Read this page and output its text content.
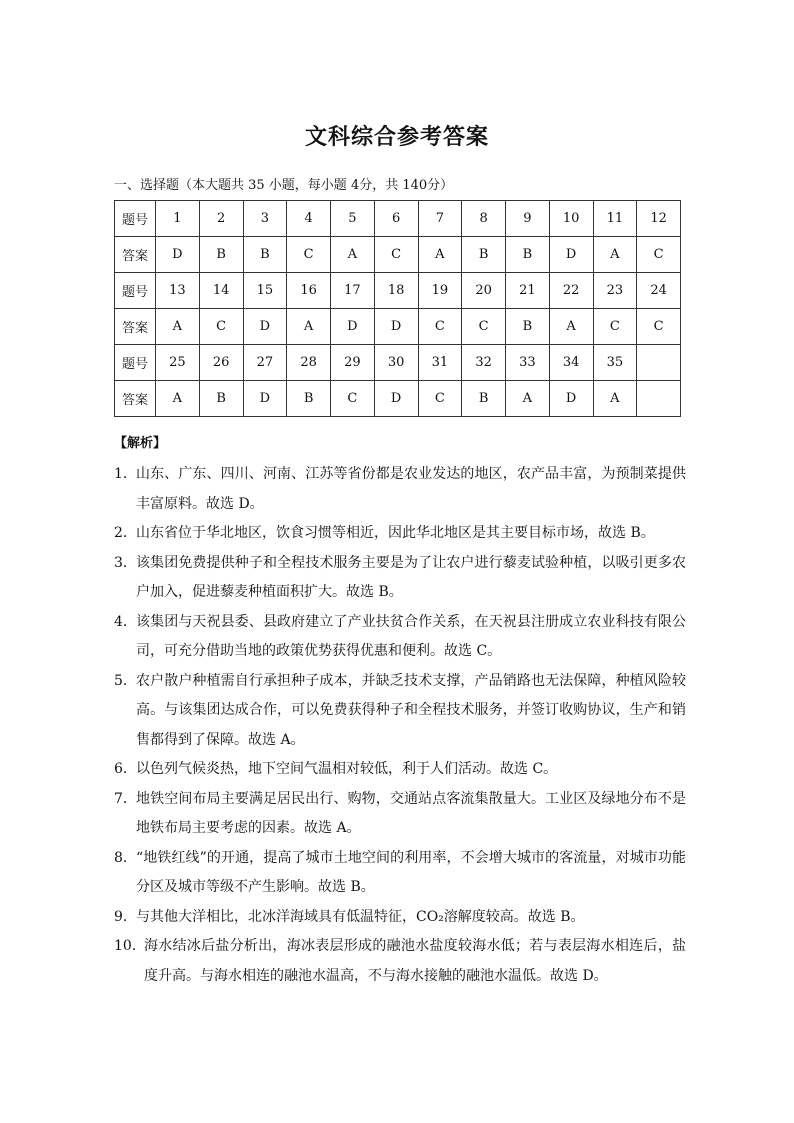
文科综合参考答案
一、选择题（本大题共 35 小题，每小题 4分，共 140分）
题号	1	2	3	4	5	6	7	8	9	10	11	12
答案	D	B	B	C	A	C	A	B	B	D	A	C
题号	13	14	15	16	17	18	19	20	21	22	23	24
答案	A	C	D	A	D	D	C	C	B	A	C	C
题号	25	26	27	28	29	30	31	32	33	34	35	
答案	A	B	D	B	C	D	C	B	A	D	A	
【解析】
1． 山东、广东、四川、河南、江苏等省份都是农业发达的地区，农产品丰富，为预制菜提供丰富原料。故选 D。
2． 山东省位于华北地区，饮食习惯等相近，因此华北地区是其主要目标市场，故选 B。
3． 该集团免费提供种子和全程技术服务主要是为了让农户进行藜麦试验种植，以吸引更多农户加入，促进藜麦种植面积扩大。故选 B。
4． 该集团与天祝县委、县政府建立了产业扶贫合作关系，在天祝县注册成立农业科技有限公司，可充分借助当地的政策优势获得优惠和便利。故选 C。
5． 农户散户种植需自行承担种子成本，并缺乏技术支撑，产品销路也无法保障，种植风险较高。与该集团达成合作，可以免费获得种子和全程技术服务，并签订收购协议，生产和销售都得到了保障。故选 A。
6． 以色列气候炎热，地下空间气温相对较低，利于人们活动。故选 C。
7． 地铁空间布局主要满足居民出行、购物，交通站点客流集散量大。工业区及绿地分布不是地铁布局主要考虑的因素。故选 A。
8． “地铁红线”的开通，提高了城市土地空间的利用率，不会增大城市的客流量，对城市功能分区及城市等级不产生影响。故选 B。
9． 与其他大洋相比，北冰洋海域具有低温特征，CO₂溶解度较高。故选 B。
10．
海水结冰后盐分析出，海冰表层形成的融池水盐度较海水低；若与表层海水相连后，盐度升高。与海水相连的融池水温高，不与海水接触的融池水温低。故选 D。
